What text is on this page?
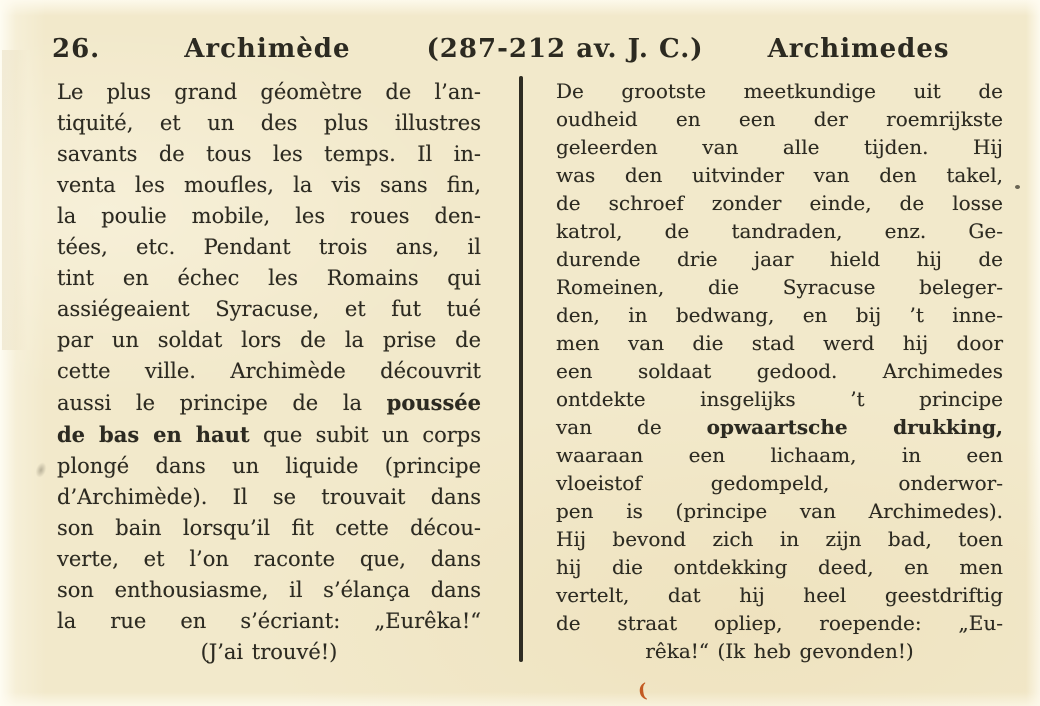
26.	Archimède	(287-212 av. J. C.) Archimedes
Le plus grand géomètre de l’an-
tiquité, et un des plus illustres
savants de tous les temps. Il in-
venta les moufles, la vis sans fin,
la poulie mobile, les roues den-
tées, etc. Pendant trois ans, il
tint en échec les Romains qui
assiégeaient Syracuse, et fut tué
par un soldat lors de la prise de
cette ville. Archimède découvrit
aussi le principe de la poussée
de bas en haut que subit un corps
plongé dans un liquide (principe
d’Archimède). Il se trouvait dans
son bain lorsqu’il fit cette décou-
verte, et l’on raconte que, dans
son enthousiasme, il s’élança dans
la rue en s’écriant: „Eurêka!“
(J’ai trouvé!)
De grootste meetkundige uit de
oudheid en een der roemrijkste
geleerden van alle tijden. Hij
was den uitvinder van den takel,
de schroef zonder einde, de losse
katrol, de tandraden, enz. Ge-
durende drie jaar hield hij de
Romeinen, die Syracuse beleger-
den, in bedwang, en bij ’t inne-
men van die stad werd hij door
een soldaat gedood. Archimedes
ontdekte insgelijks ’t principe
van de opwaartsche drukking,
waaraan een lichaam, in een
vloeistof gedompeld, onderwor-
pen is (principe van Archimedes).
Hij bevond zich in zijn bad, toen
hij die ontdekking deed, en men
vertelt, dat hij heel geestdriftig
de straat opliep, roepende: „Eu-
rêka!“ (Ik heb gevonden!)
(
